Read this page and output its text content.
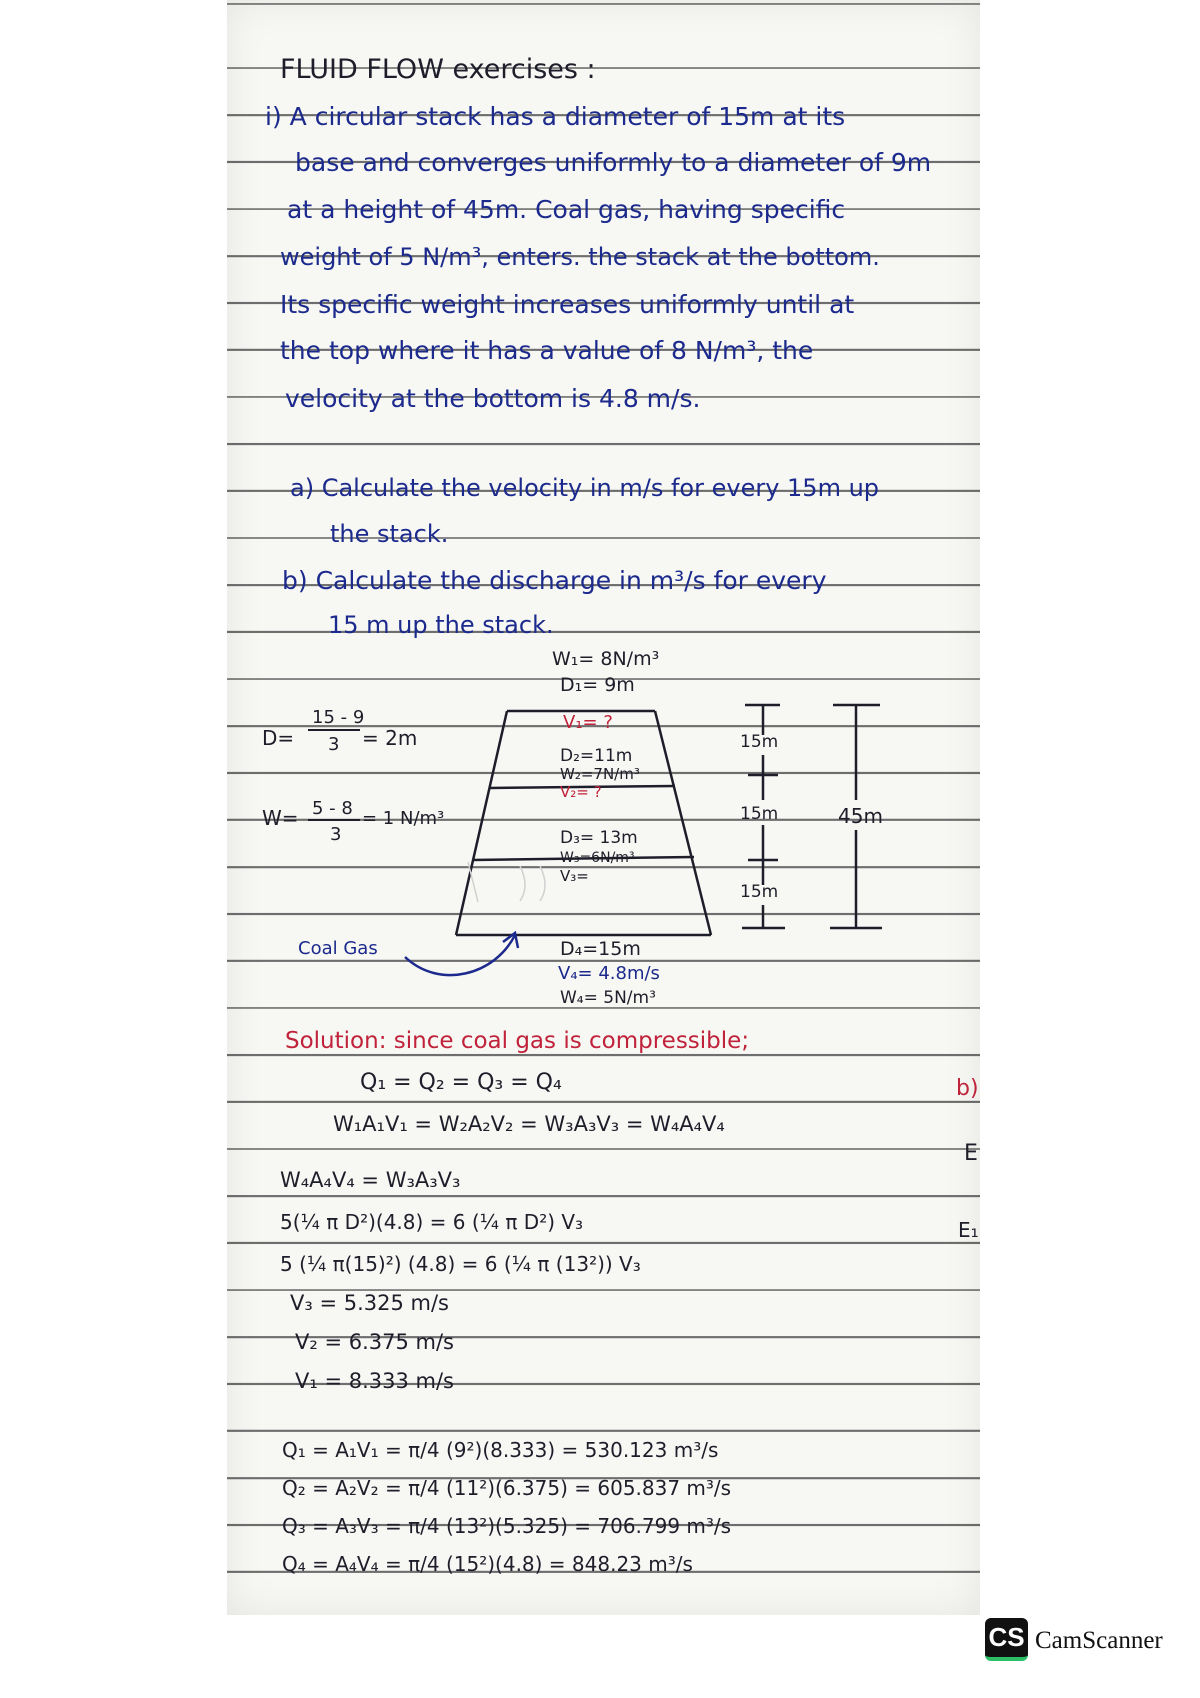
FLUID FLOW exercises :
i) A circular stack has a diameter of 15m at its
base and converges uniformly to a diameter of 9m
at a height of 45m. Coal gas, having specific
weight of 5 N/m³, enters. the stack at the bottom.
Its specific weight increases uniformly until at
the top where it has a value of 8 N/m³, the
velocity at the bottom is 4.8 m/s.
a) Calculate the velocity in m/s for every 15m up
the stack.
b) Calculate the discharge in m³/s for every
15 m up the stack.
W₁= 8N/m³
D₁= 9m
V₁= ?
D₂=11m
W₂=7N/m³
V₂= ?
D₃= 13m
W₃=6N/m³
V₃=
D₄=15m
V₄= 4.8m/s
W₄= 5N/m³
Coal Gas
15m
15m
15m
45m
D=
15 - 9
3 = 2m
W= 5 - 8
3
= 1 N/m³
Solution: since coal gas is compressible;
Q₁ = Q₂ = Q₃ = Q₄
W₁A₁V₁ = W₂A₂V₂ = W₃A₃V₃ = W₄A₄V₄
W₄A₄V₄ = W₃A₃V₃
5(¼ π D²)(4.8) = 6 (¼ π D²) V₃
5 (¼ π(15)²) (4.8) = 6 (¼ π (13²)) V₃
V₃ = 5.325 m/s
V₂ = 6.375 m/s
V₁ = 8.333 m/s
Q₁ = A₁V₁ = π/4 (9²)(8.333) = 530.123 m³/s
Q₂ = A₂V₂ = π/4 (11²)(6.375) = 605.837 m³/s
Q₃ = A₃V₃ = π/4 (13²)(5.325) = 706.799 m³/s
Q₄ = A₄V₄ = π/4 (15²)(4.8) = 848.23 m³/s
b)
E
E₁
CS CamScanner
